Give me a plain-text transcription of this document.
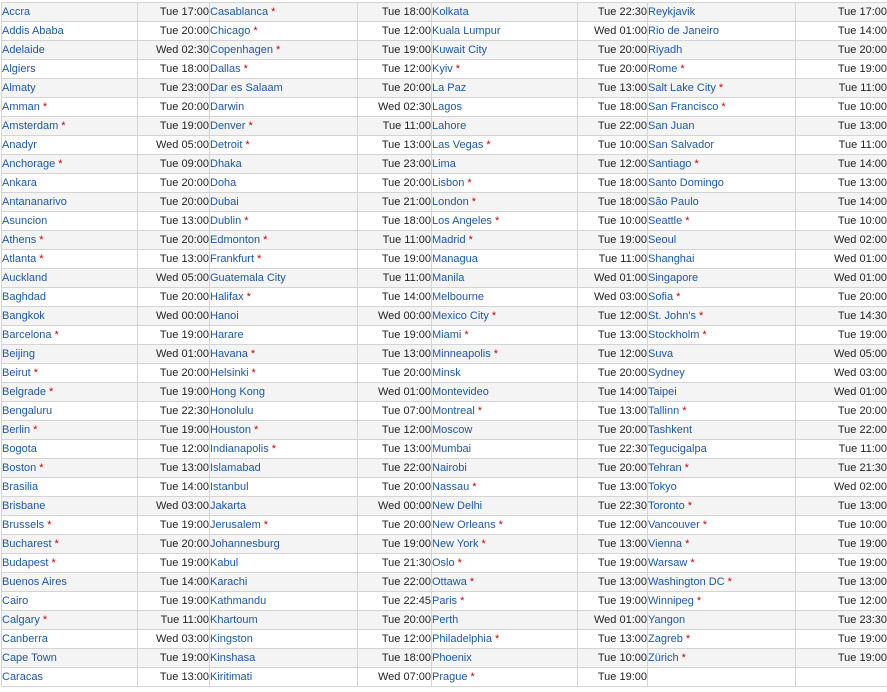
Accra	Tue 17:00	Casablanca *	Tue 18:00	Kolkata	Tue 22:30	Reykjavik	Tue 17:00
Addis Ababa	Tue 20:00	Chicago *	Tue 12:00	Kuala Lumpur	Wed 01:00	Rio de Janeiro	Tue 14:00
Adelaide	Wed 02:30	Copenhagen *	Tue 19:00	Kuwait City	Tue 20:00	Riyadh	Tue 20:00
Algiers	Tue 18:00	Dallas *	Tue 12:00	Kyiv *	Tue 20:00	Rome *	Tue 19:00
Almaty	Tue 23:00	Dar es Salaam	Tue 20:00	La Paz	Tue 13:00	Salt Lake City *	Tue 11:00
Amman *	Tue 20:00	Darwin	Wed 02:30	Lagos	Tue 18:00	San Francisco *	Tue 10:00
Amsterdam *	Tue 19:00	Denver *	Tue 11:00	Lahore	Tue 22:00	San Juan	Tue 13:00
Anadyr	Wed 05:00	Detroit *	Tue 13:00	Las Vegas *	Tue 10:00	San Salvador	Tue 11:00
Anchorage *	Tue 09:00	Dhaka	Tue 23:00	Lima	Tue 12:00	Santiago *	Tue 14:00
Ankara	Tue 20:00	Doha	Tue 20:00	Lisbon *	Tue 18:00	Santo Domingo	Tue 13:00
Antananarivo	Tue 20:00	Dubai	Tue 21:00	London *	Tue 18:00	São Paulo	Tue 14:00
Asuncion	Tue 13:00	Dublin *	Tue 18:00	Los Angeles *	Tue 10:00	Seattle *	Tue 10:00
Athens *	Tue 20:00	Edmonton *	Tue 11:00	Madrid *	Tue 19:00	Seoul	Wed 02:00
Atlanta *	Tue 13:00	Frankfurt *	Tue 19:00	Managua	Tue 11:00	Shanghai	Wed 01:00
Auckland	Wed 05:00	Guatemala City	Tue 11:00	Manila	Wed 01:00	Singapore	Wed 01:00
Baghdad	Tue 20:00	Halifax *	Tue 14:00	Melbourne	Wed 03:00	Sofia *	Tue 20:00
Bangkok	Wed 00:00	Hanoi	Wed 00:00	Mexico City *	Tue 12:00	St. John's *	Tue 14:30
Barcelona *	Tue 19:00	Harare	Tue 19:00	Miami *	Tue 13:00	Stockholm *	Tue 19:00
Beijing	Wed 01:00	Havana *	Tue 13:00	Minneapolis *	Tue 12:00	Suva	Wed 05:00
Beirut *	Tue 20:00	Helsinki *	Tue 20:00	Minsk	Tue 20:00	Sydney	Wed 03:00
Belgrade *	Tue 19:00	Hong Kong	Wed 01:00	Montevideo	Tue 14:00	Taipei	Wed 01:00
Bengaluru	Tue 22:30	Honolulu	Tue 07:00	Montreal *	Tue 13:00	Tallinn *	Tue 20:00
Berlin *	Tue 19:00	Houston *	Tue 12:00	Moscow	Tue 20:00	Tashkent	Tue 22:00
Bogota	Tue 12:00	Indianapolis *	Tue 13:00	Mumbai	Tue 22:30	Tegucigalpa	Tue 11:00
Boston *	Tue 13:00	Islamabad	Tue 22:00	Nairobi	Tue 20:00	Tehran *	Tue 21:30
Brasilia	Tue 14:00	Istanbul	Tue 20:00	Nassau *	Tue 13:00	Tokyo	Wed 02:00
Brisbane	Wed 03:00	Jakarta	Wed 00:00	New Delhi	Tue 22:30	Toronto *	Tue 13:00
Brussels *	Tue 19:00	Jerusalem *	Tue 20:00	New Orleans *	Tue 12:00	Vancouver *	Tue 10:00
Bucharest *	Tue 20:00	Johannesburg	Tue 19:00	New York *	Tue 13:00	Vienna *	Tue 19:00
Budapest *	Tue 19:00	Kabul	Tue 21:30	Oslo *	Tue 19:00	Warsaw *	Tue 19:00
Buenos Aires	Tue 14:00	Karachi	Tue 22:00	Ottawa *	Tue 13:00	Washington DC *	Tue 13:00
Cairo	Tue 19:00	Kathmandu	Tue 22:45	Paris *	Tue 19:00	Winnipeg *	Tue 12:00
Calgary *	Tue 11:00	Khartoum	Tue 20:00	Perth	Wed 01:00	Yangon	Tue 23:30
Canberra	Wed 03:00	Kingston	Tue 12:00	Philadelphia *	Tue 13:00	Zagreb *	Tue 19:00
Cape Town	Tue 19:00	Kinshasa	Tue 18:00	Phoenix	Tue 10:00	Zürich *	Tue 19:00
Caracas	Tue 13:00	Kiritimati	Wed 07:00	Prague *	Tue 19:00		
